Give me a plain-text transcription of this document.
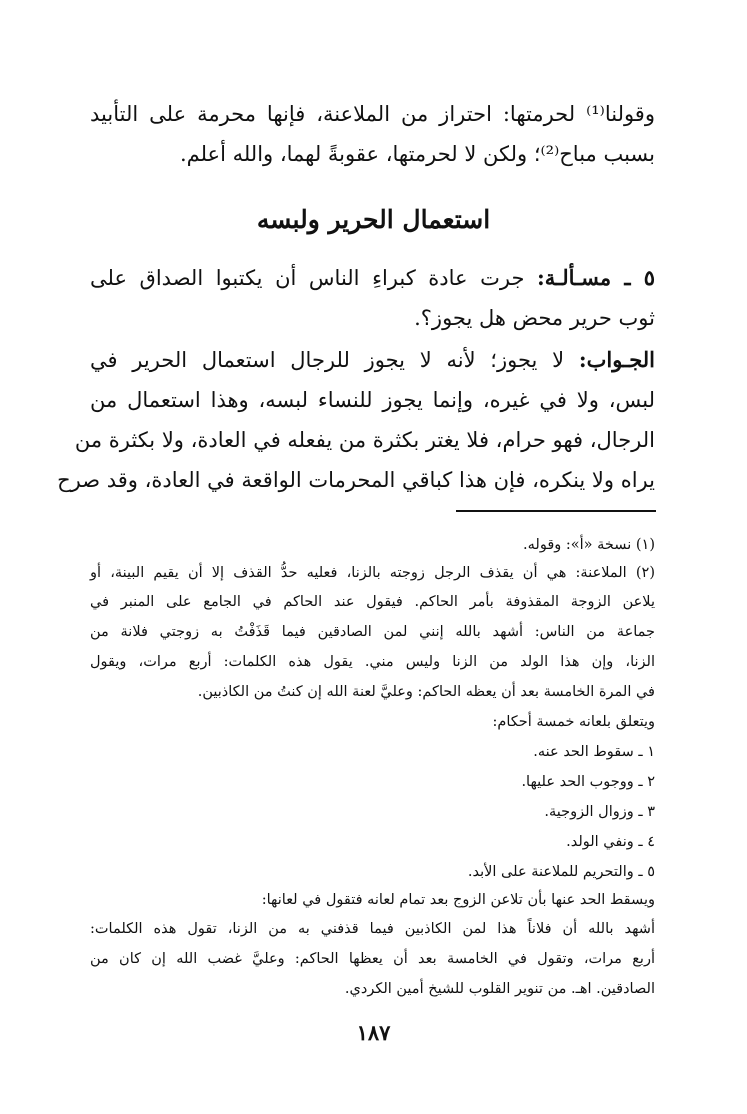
وقولنا⁽¹⁾ لحرمتها: احتراز من الملاعنة، فإنها محرمة على التأبيد
بسبب مباح⁽²⁾؛ ولكن لا لحرمتها، عقوبةً لهما، والله أعلم.
استعمال الحرير ولبسه
٥ ـ مسـألـة: جرت عادة كبراءِ الناس أن يكتبوا الصداق على
ثوب حرير محض هل يجوز؟.
الجـواب: لا يجوز؛ لأنه لا يجوز للرجال استعمال الحرير في
لبس، ولا في غيره، وإنما يجوز للنساء لبسه، وهذا استعمال من
الرجال، فهو حرام، فلا يغتر بكثرة من يفعله في العادة، ولا بكثرة من
يراه ولا ينكره، فإن هذا كباقي المحرمات الواقعة في العادة، وقد صرح
(١) نسخة «أ»: وقوله.
(٢) الملاعنة: هي أن يقذف الرجل زوجته بالزنا، فعليه حدُّ القذف إلا أن يقيم البينة، أو
يلاعن الزوجة المقذوفة بأمر الحاكم. فيقول عند الحاكم في الجامع على المنبر في
جماعة من الناس: أشهد بالله إنني لمن الصادقين فيما قَذَفْتُ به زوجتي فلانة من
الزنا، وإن هذا الولد من الزنا وليس مني. يقول هذه الكلمات: أربع مرات، ويقول
في المرة الخامسة بعد أن يعظه الحاكم: وعليَّ لعنة الله إن كنتُ من الكاذبين.
ويتعلق بلعانه خمسة أحكام:
١ ـ سقوط الحد عنه.
٢ ـ ووجوب الحد عليها.
٣ ـ وزوال الزوجية.
٤ ـ ونفي الولد.
٥ ـ والتحريم للملاعنة على الأبد.
ويسقط الحد عنها بأن تلاعن الزوج بعد تمام لعانه فتقول في لعانها:
أشهد بالله أن فلاناً هذا لمن الكاذبين فيما قذفني به من الزنا، تقول هذه الكلمات:
أربع مرات، وتقول في الخامسة بعد أن يعظها الحاكم: وعليَّ غضب الله إن كان من
الصادقين. اهـ. من تنوير القلوب للشيخ أمين الكردي.
١٨٧
